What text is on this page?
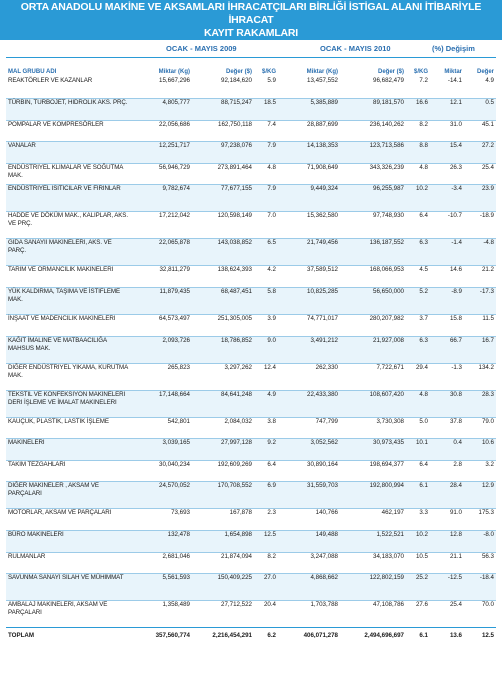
ORTA ANADOLU MAKİNE VE AKSAMLARI İHRACATÇILARI BİRLİĞİ İSTİGAL ALANI İTİBARİYLE İHRACAT
KAYIT RAKAMLARI
OCAK - MAYIS 2009	OCAK - MAYIS 2010	(%) Değişim
MAL GRUBU ADI	Miktar (Kg)	Değer ($)	$/KG	Miktar (Kg)	Değer ($)	$/KG	Miktar	Değer
REAKTÖRLER VE KAZANLAR	15,667,296	92,184,620	5.9	13,457,552	96,682,479	7.2	-14.1	4.9
TÜRBIN, TURBOJET, HIDROLIK AKS. PRÇ.	4,805,777	88,715,247	18.5	5,385,889	89,181,570	16.6	12.1	0.5
POMPALAR VE KOMPRESÖRLER	22,056,686	162,750,118	7.4	28,887,699	236,140,262	8.2	31.0	45.1
VANALAR	12,251,717	97,238,076	7.9	14,138,353	123,713,586	8.8	15.4	27.2
ENDÜSTRIYEL KLIMALAR VE SOĞUTMA MAK.	56,946,729	273,891,464	4.8	71,908,649	343,326,239	4.8	26.3	25.4
ENDÜSTRIYEL ISITICILAR VE FIRINLAR	9,782,674	77,677,155	7.9	9,449,324	96,255,987	10.2	-3.4	23.9
HADDE VE DÖKÜM MAK., KALIPLAR, AKS. VE PRÇ.	17,212,042	120,598,149	7.0	15,362,580	97,748,930	6.4	-10.7	-18.9
GIDA SANAYII MAKINELERI, AKS. VE PARÇ.	22,065,878	143,038,852	6.5	21,749,456	136,187,552	6.3	-1.4	-4.8
TARIM VE ORMANCILIK MAKINELERI	32,811,279	138,624,393	4.2	37,589,512	168,066,953	4.5	14.6	21.2
YÜK KALDIRMA, TAŞIMA VE İSTIFLEME MAK.	11,879,435	68,487,451	5.8	10,825,285	56,650,000	5.2	-8.9	-17.3
İNŞAAT VE MADENCILIK MAKINELERI	64,573,497	251,305,005	3.9	74,771,017	280,207,982	3.7	15.8	11.5
KAĞIT İMALINE VE MATBAACILIĞA MAHSUS MAK.	2,093,726	18,786,852	9.0	3,491,212	21,927,008	6.3	66.7	16.7
DIĞER ENDÜSTRIYEL YIKAMA, KURUTMA MAK.	265,823	3,297,262	12.4	262,330	7,722,671	29.4	-1.3	134.2
TEKSTIL VE KONFEKSIYON MAKINELERI DERI İŞLEME VE İMALAT MAKINELERI	17,148,664	84,641,248	4.9	22,433,380	108,607,420	4.8	30.8	28.3
KAUÇUK, PLASTIK, LASTIK İŞLEME	542,801	2,084,032	3.8	747,799	3,730,308	5.0	37.8	79.0
MAKINELERI	3,039,165	27,997,128	9.2	3,052,562	30,973,435	10.1	0.4	10.6
TAKIM TEZGAHLARI	30,040,234	192,609,269	6.4	30,890,164	198,694,377	6.4	2.8	3.2
DIĞER MAKINELER , AKSAM VE PARÇALARI	24,570,052	170,708,552	6.9	31,559,703	192,800,994	6.1	28.4	12.9
MOTORLAR, AKSAM VE PARÇALARI	73,693	167,878	2.3	140,766	462,197	3.3	91.0	175.3
BÜRO MAKINELERI	132,478	1,654,898	12.5	149,488	1,522,521	10.2	12.8	-8.0
RULMANLAR	2,681,046	21,874,094	8.2	3,247,088	34,183,070	10.5	21.1	56.3
SAVUNMA SANAYI SILAH VE MÜHIMMAT	5,561,593	150,409,225	27.0	4,868,662	122,802,159	25.2	-12.5	-18.4
AMBALAJ MAKINELERI, AKSAM VE PARÇALARI	1,358,489	27,712,522	20.4	1,703,788	47,108,786	27.6	25.4	70.0
TOPLAM	357,560,774	2,216,454,291	6.2	406,071,278	2,494,696,697	6.1	13.6	12.5
